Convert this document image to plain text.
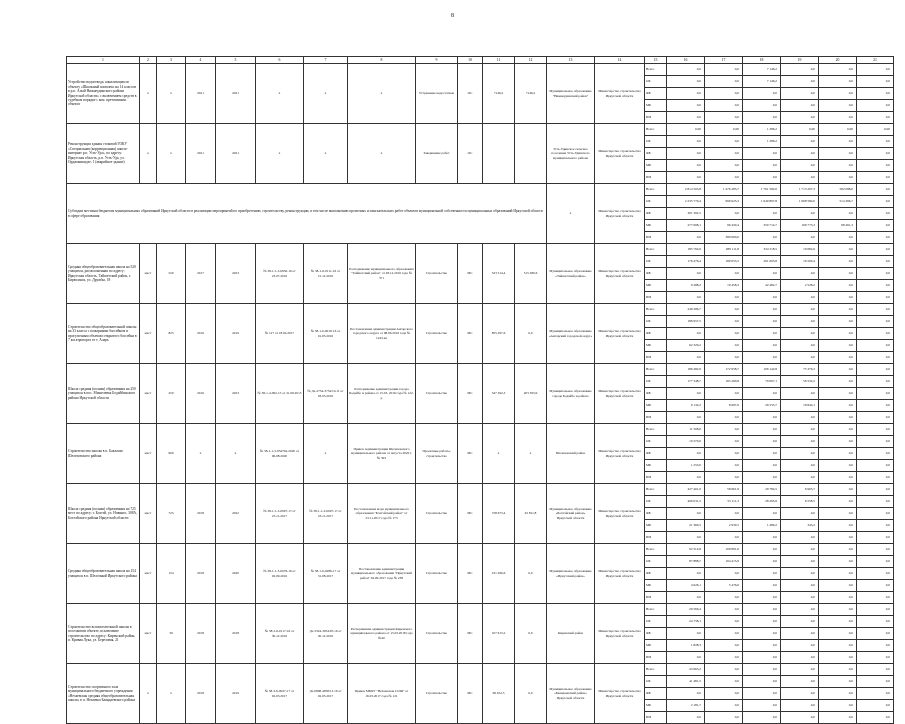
8
1	2	3	4	5	6	7	8	9	10	11	12	13	14	15	16	17	18	19	20	21
Устройство водоотвода, канализации по объекту «Школьный комплекс на 14 классов в р.п. Алый Нижнеудинского района Иркутской области» с включением средств в судебном порядке с ком. претензиями. объекта	x	x	2021	2021	x	x	x	Устранение недостатков	ОС	7146,2	7146,2	Муниципальное образование "Нижнеудинский район"	Министерство строительства Иркутской области	Всего	0,0	0,0	7 146,2	0,0	0,0	0,0
														ОБ	0,0	0,0	7 146,2	0,0	0,0	0,0
														ФБ	0,0	0,0	0,0	0,0	0,0	0,0
														МБ	0,0	0,0	0,0	0,0	0,0	0,0
														ИИ	0,0	0,0	0,0	0,0	0,0	0,0
Реконструкция здания стоковой ГОКУ «Специальная (коррекционная) школа-интернат р.п. Усть-Уда», по адресу: Иркутская область, р.п. Усть-Уда, ул. Орджоникидзе, 1 (аварийное здание)	x	x	2021	2021	x	x	x	Завершение работ	ОС			Усть-Удинское сельское поселение Усть-Удинского муниципального района	Министерство строительства Иркутской области	Всего	0,00	0,00	1 286,2	0,00	0,00	0,00
														ОБ	0,0	0,0	1 286,2	0,0	0,0	0,0
														ФБ	0,0	0,0	0,0	0,0	0,0	0,0
														МБ	0,0	0,0	0,0	0,0	0,0	0,0
														ИИ	0,0	0,0	0,0	0,0	0,0	0,0
Субсидии местным бюджетам муниципальных образований Иркутской области в реализации мероприятий по приобретению, строительству, реконструкции, в том числе выполнению проектных и изыскательских работ объектов муниципальной собственности муниципальных образований Иркутской области в сфере образования												x	Министерство строительства Иркутской области	Всего	2 814 503,8	1 476 283,7	1 761 582,6	1 713 207,3	582 088,0	0,0
														ОБ	2 235 770,4	999 623,3	1 640 867,8	1 668 584,0	514 366,7	0,0
														ФБ	301 302,5	0,0	0,0	0,0	0,0	0,0
														МБ	277 668,1	96 430,4	350 714,7	169 773,3	68 491,3	0,0
														ИИ	0,0	380 600,0	0,0	0,0	0,0	0,0
Средняя общеобразовательная школа на 520 учащихся, расположенная по адресу: Иркутская область, Тайшетский район, г. Бирюсинск, ул. Дружбы, 18	мест	520	2017	2023	№ 38-1-1-3-0650-16 от 23.07.2016	№ 38-1-6-0111-16 от 15.12.2016	Распоряжение муниципального образования "Тайшетский район" от 28.12.2016 года № 371	Строительство	МС	523 514,4	515 280,6	Муниципальное образование «Тайшетский район»	Министерство строительства Иркутской области	Всего	185 764,6	289 111,8	334 318,5	19 682,6	0,0	0,0
														ОБ	176 476,4	180 653,5	291 603,8	16 500,4	0,0	0,0
														ФБ	0,0	0,0	0,0	0,0	0,0	0,0
														МБ	9 288,2	10 458,3	42 482,7	2 528,2	0,0	0,0
														ИИ	0,0	0,0	0,0	0,0	0,0	0,0
Строительство общеобразовательной школы на 33 класса с пожарными бассейном и прогулочным объемом открытого бассейна в 7 км аэропорта от т. Аларь	мест	825	2016	2019	№ 127 от 18.04.2017	№ 38-1-6-0019-16 от 01.03.2016	Постановление администрации Ангарского городского округа от 08.06.2016 года № 1243-ва	Строительство	МС	855 297,6	0,0	Муниципальное образование «Ангарский городской округ»	Министерство строительства Иркутской области	Всего	249 286,7	0,0	0,0	0,0	0,0	0,0
														ОБ	186 957,5	0,0	0,0	0,0	0,0	0,0
														ФБ	0,0	0,0	0,0	0,0	0,0	0,0
														МБ	62 329,2	0,0	0,0	0,0	0,0	0,0
														ИИ	0,0	0,0	0,0	0,0	0,0	0,0
Школа средняя (полная) образования на 250 учащихся в пос. Мишелевка Бодайбинского района Иркутской области	мест	250	2016	2023	№ 38-1-4-092-15 от 21.09.2015	№ Дз-2734-3754/10.11 от 03.03.2016	Распоряжение администрации города Бодайбо и района от 15.03. 2016 года № 122-р	Строительство	МС	347 292,3	203 393,9	Муниципальное образование города Бодайбо и района	Министерство строительства Иркутской области	Всего	186 482,9	172 958,7	106 142,8	75 376,3	0,0	0,0
														ОБ	177 348,7	165 260,8	79 607,1	56 532,2	0,0	0,0
														ФБ	0,0	0,0	0,0	0,0	0,0	0,0
														МБ	9 134,2	8 697,9	26 535,7	18 844,1	0,0	0,0
														ИИ	0,0	0,0	0,0	0,0	0,0	0,0
Строительство школы в п. Баклаши Шелеховского района	мест	900	x	x	№ 38-1-1-3-034792-2020 от 06.08.2020	x	Приказ Администрации Шелеховского муниципального района от августа 2020 г. № 303	Проектные работы, строительство	МС	x	x	Шелеховский район	Министерство строительства Иркутской области	Всего	11 508,0	0,0	0,0	0,0	0,0	0,0
														ОБ	10 270,0	0,0	0,0	0,0	0,0	0,0
														ФБ	0,0	0,0	0,0	0,0	0,0	0,0
														МБ	1 253,0	0,0	0,0	0,0	0,0	0,0
														ИИ	0,0	0,0	0,0	0,0	0,0	0,0
Школа средняя (полная) образования на 725 мест по адресу: г. Бохтэй, ул. Новинго, 308А, Бохтэйского района Иркутской области	мест	725	2018	2022	№ 38-1-1-3-0097-17 от 23.11.2017	№ 38-1-1-2-0097-17 от 23.11.2017	Постановление мэра муниципального образования "Бохтэйский район" от 23.11.2017 года № 173	Строительство	МС	728 673,4	45 811,8	Муниципальное образование «Бохтэйский район» Иркутской области	Министерство строительства Иркутской области	Всего	427 401,0	58 661,9	29 784,5	6 903,7	0,0	0,0
														ОБ	406 031,5	55 111,3	28 295,9	6 558,5	0,0	0,0
														ФБ	0,0	0,0	0,0	0,0	0,0	0,0
														МБ	21 369,5	2 930,5	1 489,2	345,2	0,0	0,0
														ИИ	0,0	0,0	0,0	0,0	0,0	0,0
Средняя общеобразовательная школа на 154 учащихся в п. Шелочный Иркутского района	мест	154	2018	2020	№ 38-1-1-3-0076-16 от 02.09.2016	№ 38-1-6-0286-17 от 31.08.2017	Постановление администрации муниципального образования "Иркутский район" 04.09.2017 года № 238	Строительство	МС	231 266,6	0,0	Муниципальное образование «Иркутский район»	Министерство строительства Иркутской области	Всего	92 514,8	109 891,6	0,0	0,0	0,0	0,0
														ОБ	87 888,7	104 415,9	0,0	0,0	0,0	0,0
														ФБ	0,0	0,0	0,0	0,0	0,0	0,0
														МБ	4 626,1	5 476,6	0,0	0,0	0,0	0,0
														ИИ	0,0	0,0	0,0	0,0	0,0	0,0
Строительство вспомогательной школы в поселковом объекте, исключение строительство по адресу: Киренский район, п. Кривая Лука, ул. Березовая, 21	мест	39	2018	2018	№ 38-3-6-0117-16 от 30.12.2016	Дз-3324-3054/05.16 от 20.12.2016	Распоряжение администрации Киренского муниципального района от 15.03.2018 года №40	Строительство	МС	107 613,2	0,0	Киренский район	Министерство строительства Иркутской области	Всего	26 566,4	0,0	0,0	0,0	0,0	0,0
														ОБ	24 738,1	0,0	0,0	0,0	0,0	0,0
														ФБ	0,0	0,0	0,0	0,0	0,0	0,0
														МБ	1 828,3	0,0	0,0	0,0	0,0	0,0
														ИИ	0,0	0,0	0,0	0,0	0,0	0,0
Строительство спортивного зала муниципального бюджетного учреждения «Нехаевская средняя общеобразовательная школа» в п. Нехаевка Баяндаевского района	x	x	2018	2019	№ 38-3-6-0027-17 от 02.03.2017	Дз-0808-4958/12.16 от 02.03.2017	Приказ МБОУ "Нехаевская СОШ" от 16.03.2017 года № 121	Строительство	МС	69 452,5	0,0	Муниципальное образование «Баяндаевский район» Иркутской области	Министерство строительства Иркутской области	Всего	43 663,2	0,0	0,0	0,0	0,0	0,0
														ОБ	41 481,5	0,0	0,0	0,0	0,0	0,0
														ФБ	0,0	0,0	0,0	0,0	0,0	0,0
														МБ	2 181,7	0,0	0,0	0,0	0,0	0,0
														ИИ	0,0	0,0	0,0	0,0	0,0	0,0
